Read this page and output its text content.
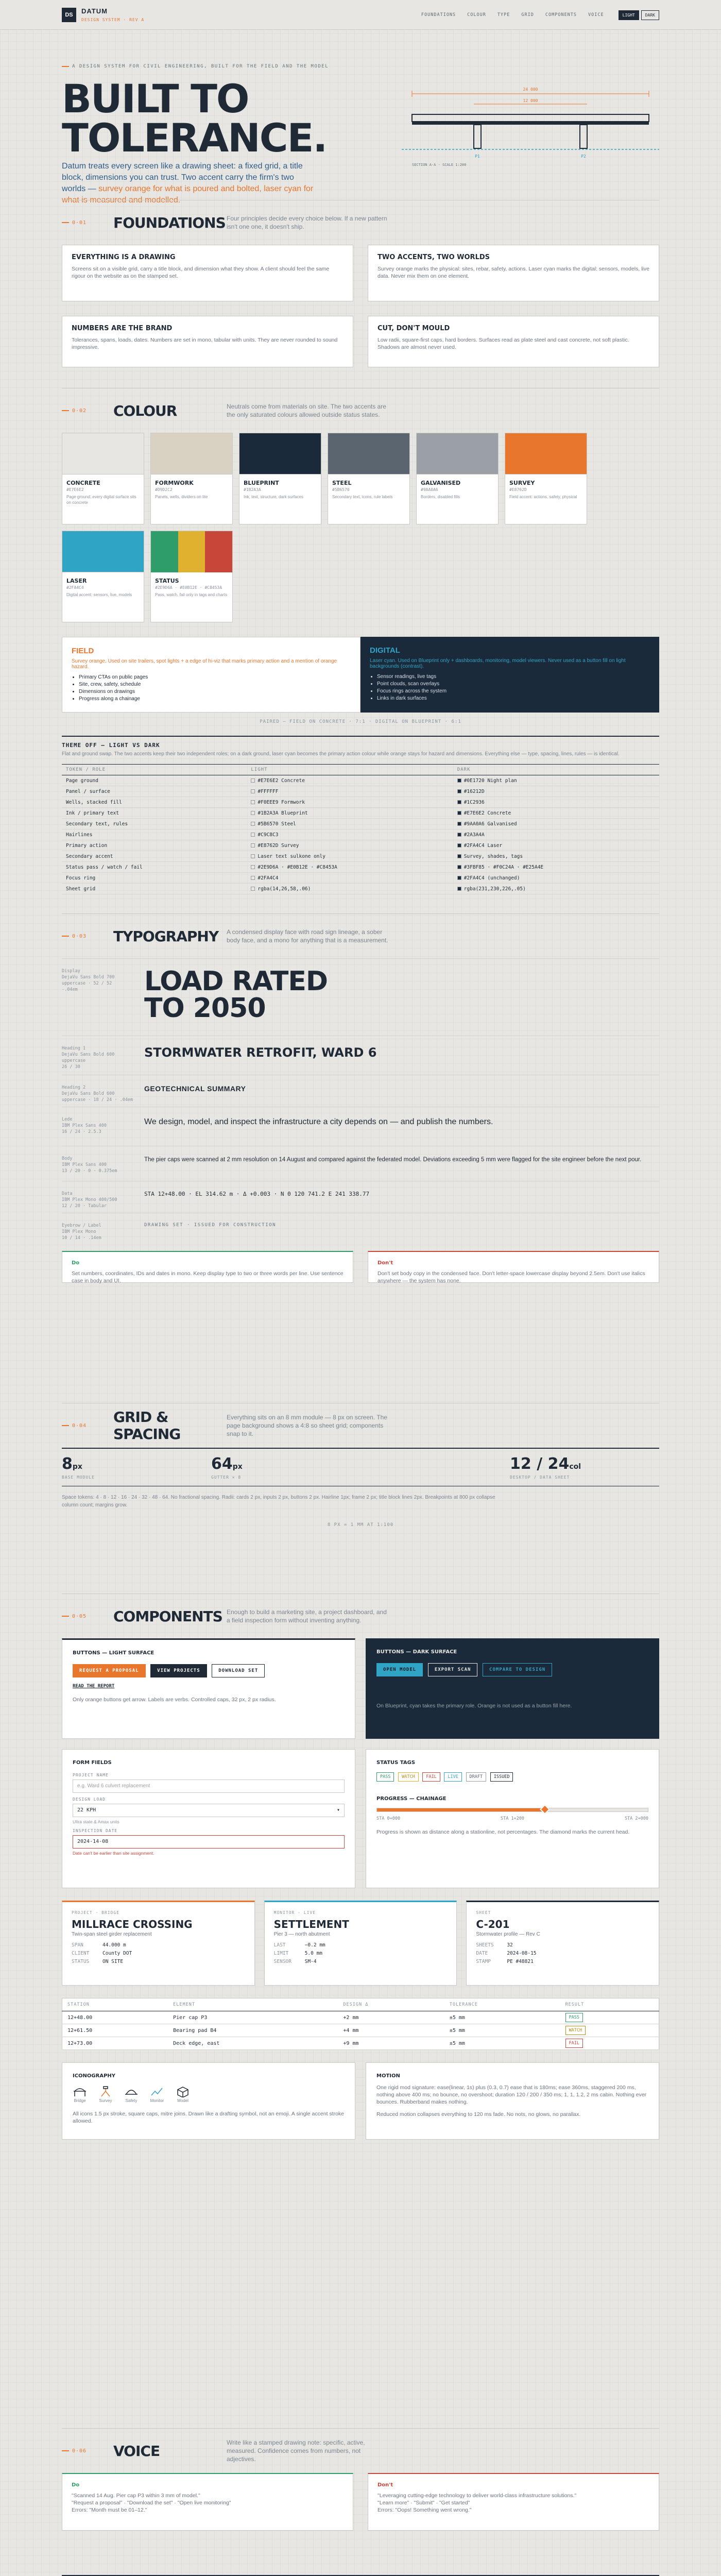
DS	DATUM
DESIGN SYSTEM · REV A
FOUNDATIONS	COLOUR	TYPE	GRID	COMPONENTS	VOICE	LIGHT	DARK
A DESIGN SYSTEM FOR CIVIL ENGINEERING, BUILT FOR THE FIELD AND THE MODEL
BUILT TO
TOLERANCE.

Datum treats every screen like a drawing sheet: a fixed grid, a title block, dimensions you can trust. Two accent carry the firm's two worlds — survey orange for what is poured and bolted, laser cyan for what is measured and modelled.

24 000
12 000
P1	P2
SECTION A-A · SCALE 1:200
0·01	FOUNDATIONS Four principles decide every choice below. If a new pattern isn't one one, it doesn't ship.
EVERYTHING IS A DRAWING

Screens sit on a visible grid, carry a title block, and dimension what they show. A client should feel the same rigour on the website as on the stamped set.

TWO ACCENTS, TWO WORLDS

Survey orange marks the physical: sites, rebar, safety, actions. Laser cyan marks the digital: sensors, models, live data. Never mix them on one element.

NUMBERS ARE THE BRAND

Tolerances, spans, loads, dates. Numbers are set in mono, tabular with units. They are never rounded to sound impressive.

CUT, DON'T MOULD

Low radii, square-first caps, hard borders. Surfaces read as plate steel and cast concrete, not soft plastic. Shadows are almost never used.

0·02	COLOUR	Neutrals come from materials on site. The two accents are the only saturated colours allowed outside status states.
CONCRETE
#E7E6E2
Page ground; every digital surface sits on concrete
FORMWORK
#D9D2C2
Panels, wells, dividers on lite
BLUEPRINT
#1B2A3A
Ink, text, structure, dark surfaces
STEEL
#5B6570
Secondary text, icons, rule labels
GALVANISED
#9AA0A6
Borders, disabled fills
SURVEY
#E8762D
Field accent: actions, safety, physical
LASER
#2FA4C4
Digital accent: sensors, live, models
STATUS
#2E9D6A · #E0B12E · #C8453A
Pass, watch, fail only in tags and charts
FIELD

Survey orange. Used on site trailers, spot lights + a edge of hi-viz that marks primary action and a mention of orange hazard.

• Primary CTAs on public pages
• Site, crew, safety, schedule
• Dimensions on drawings
• Progress along a chainage
DIGITAL

Laser cyan. Used on Blueprint only + dashboards, monitoring, model viewers. Never used as a button fill on light backgrounds (contrast).

• Sensor readings, live tags
• Point clouds, scan overlays
• Focus rings across the system
• Links in dark surfaces
PAIRED — FIELD ON CONCRETE · 7:1 · DIGITAL ON BLUEPRINT · 6:1
THEME OFF — LIGHT VS DARK

Flat and ground swap. The two accents keep their two independent roles; on a dark ground, laser cyan becomes the primary action colour while orange stays for hazard and dimensions. Everything else — type, spacing, lines, rules — is identical.

TOKEN / ROLE	LIGHT	DARK
Page ground	#E7E6E2 Concrete	#0E1720 Night plan
Panel / surface	#FFFFFF	#16212D
Wells, stacked fill	#F0EEE9 Formwork	#1C2936
Ink / primary text	#1B2A3A Blueprint	#E7E6E2 Concrete
Secondary text, rules	#5B6570 Steel	#9AA0A6 Galvanised
Hairlines	#C9C8C3	#2A3A4A
Primary action	#E8762D Survey	#2FA4C4 Laser
Secondary accent	Laser text sulkone only	Survey, shades, tags
Status pass / watch / fail	#2E9D6A · #E0B12E · #C8453A	#3FBF85 · #F0C24A · #E25A4E
Focus ring	#2FA4C4	#2FA4C4 (unchanged)
Sheet grid	rgba(14,26,58,.06)	rgba(231,230,226,.05)
0·03	TYPOGRAPHY	A condensed display face with road sign lineage, a sober body face, and a mono for anything that is a measurement.
Display
DejaVu Sans Bold 700
uppercase · 52 / 52
-.04em	LOAD RATED
TO 2050
Heading 1
DejaVu Sans Bold 600
uppercase
26 / 30
STORMWATER RETROFIT, WARD 6
Heading 2
DejaVu Sans Bold 600
uppercase · 18 / 24 · .04em
GEOTECHNICAL SUMMARY
Lede
IBM Plex Sans 400
16 / 24 · 2.5.3
We design, model, and inspect the infrastructure a city depends on — and publish the numbers.
Body
IBM Plex Sans 400
13 / 20 · 0 · 0.375em
The pier caps were scanned at 2 mm resolution on 14 August and compared against the federated model. Deviations exceeding 5 mm were flagged for the site engineer before the next pour.
Data
IBM Plex Mono 400/500
12 / 20 · Tabular
STA 12+48.00 · EL 314.62 m · Δ +0.003 · N 0 120 741.2 E 241 338.77
Eyebrow / Label
IBM Plex Mono
10 / 14 · .14em
DRAWING SET · ISSUED FOR CONSTRUCTION
Do

Set numbers, coordinates, IDs and dates in mono. Keep display type to two or three words per line. Use sentence case in body and UI.

Don't

Don't set body copy in the condensed face. Don't letter-space lowercase display beyond 2.5em. Don't use italics anywhere — the system has none.

0·04	GRID & SPACING
Everything sits on an 8 mm module — 8 px on screen. The page background shows a 4:8 so sheet grid; components snap to it.
8px
BASE MODULE
64px
GUTTER × 8
12 / 24col
DESKTOP / DATA SHEET

Space tokens: 4 · 8 · 12 · 16 · 24 · 32 · 48 · 64. No fractional spacing. Radii: cards 2 px, inputs 2 px, buttons 2 px. Hairline 1px; frame 2 px; title block lines 2px. Breakpoints at 800 px collapse column count; margins grow.

8 PX = 1 MM AT 1:100
0·05	COMPONENTS Enough to build a marketing site, a project dashboard, and a field inspection form without inventing anything.
BUTTONS — LIGHT SURFACE
REQUEST A PROPOSAL	VIEW PROJECTS	DOWNLOAD SET
READ THE REPORT

Only orange buttons get arrow. Labels are verbs. Controlled caps, 32 px, 2 px radius.

BUTTONS — DARK SURFACE
OPEN MODEL	EXPORT SCAN	COMPARE TO DESIGN

On Blueprint, cyan takes the primary role. Orange is not used as a button fill here.

FORM FIELDS
PROJECT NAME
e.g. Ward 6 culvert replacement
DESIGN LOAD
22 KPH	▾
Ultra state & Amax units
INSPECTION DATE
2024-14-08
Date can't be earlier than site assignment.
STATUS TAGS
PASS	WATCH	FAIL	LIVE	DRAFT	ISSUED
PROGRESS — CHAINAGE
STA 0+000	STA 1+200	STA 2+000

Progress is shown as distance along a stationline, not percentages. The diamond marks the current head.

PROJECT · BRIDGE
MILLRACE CROSSING
Twin-span steel girder replacement
SPAN	44.000 m
CLIENT	County DOT
STATUS	ON SITE
MONITOR · LIVE
SETTLEMENT
Pier 3 — north abutment
LAST	−0.2 mm
LIMIT	5.0 mm
SENSOR	SM-4
SHEET
C-201
Stormwater profile — Rev C
SHEETS	32
DATE	2024-08-15
STAMP	PE #48821
STATION	ELEMENT	DESIGN Δ	TOLERANCE	RESULT
12+48.00	Pier cap P3	+2 mm	±5 mm	PASS
12+61.50	Bearing pad B4	+4 mm	±5 mm	WATCH
12+73.00	Deck edge, east	+9 mm	±5 mm	FAIL
ICONOGRAPHY
Bridge	Survey	Safety	Monitor	Model

All icons 1.5 px stroke, square caps, mitre joins. Drawn like a drafting symbol, not an emoji. A single accent stroke allowed.

MOTION

One rigid mod signature: ease(linear, 1s) plus (0.3, 0.7) ease that is 180ms; ease 360ms, staggered 200 ms, nothing above 400 ms; no bounce, no overshoot; duration 120 / 200 / 350 ms; 1, 1, 1.2, 2 ms cabin. Nothing ever bounces. Rubberband makes nothing.

Reduced motion collapses everything to 120 ms fade. No nots, no glows, no parallax.

0·06	VOICE	Write like a stamped drawing note: specific, active, measured. Confidence comes from numbers, not adjectives.
Do

"Scanned 14 Aug. Pier cap P3 within 3 mm of model."

"Request a proposal" · "Download the set" · "Open live monitoring"

Errors: "Month must be 01–12."

Don't

"Leveraging cutting-edge technology to deliver world-class infrastructure solutions."

"Learn more" · "Submit" · "Get started"

Errors: "Oops! Something went wrong."
